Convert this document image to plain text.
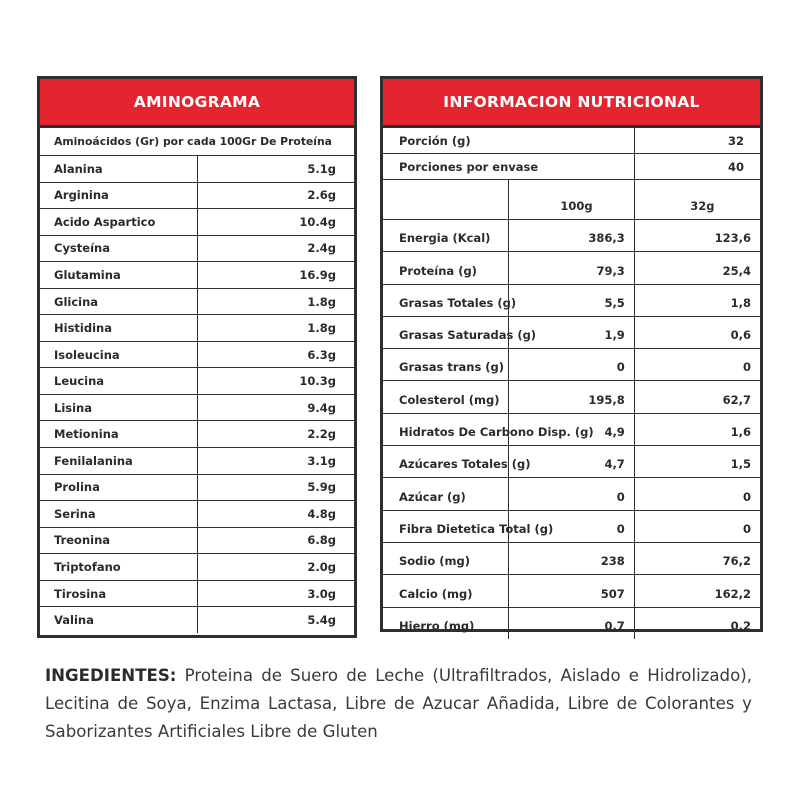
AMINOGRAMA
Aminoácidos (Gr) por cada 100Gr De Proteína	
Alanina	5.1g
Arginina	2.6g
Acido Aspartico	10.4g
Cysteína	2.4g
Glutamina	16.9g
Glicina	1.8g
Histidina	1.8g
Isoleucina	6.3g
Leucina	10.3g
Lisina	9.4g
Metionina	2.2g
Fenilalanina	3.1g
Prolina	5.9g
Serina	4.8g
Treonina	6.8g
Triptofano	2.0g
Tirosina	3.0g
Valina	5.4g
INFORMACION NUTRICIONAL
Porción (g)		32
Porciones por envase		40
	100g	32g
Energia (Kcal)	386,3	123,6
Proteína (g)	79,3	25,4
Grasas Totales (g)	5,5	1,8
Grasas Saturadas (g)	1,9	0,6
Grasas trans (g)	0	0
Colesterol (mg)	195,8	62,7
Hidratos De Carbono Disp. (g)	4,9	1,6
Azúcares Totales (g)	4,7	1,5
Azúcar (g)	0	0
Fibra Dietetica Total (g)	0	0
Sodio (mg)	238	76,2
Calcio (mg)	507	162,2
Hierro (mg)	0,7	0,2
INGEDIENTES: Proteina de Suero de Leche (Ultrafiltrados, Aislado e Hidrolizado), Lecitina de Soya, Enzima Lactasa, Libre de Azucar Añadida, Libre de Colorantes y Saborizantes Artificiales Libre de Gluten
